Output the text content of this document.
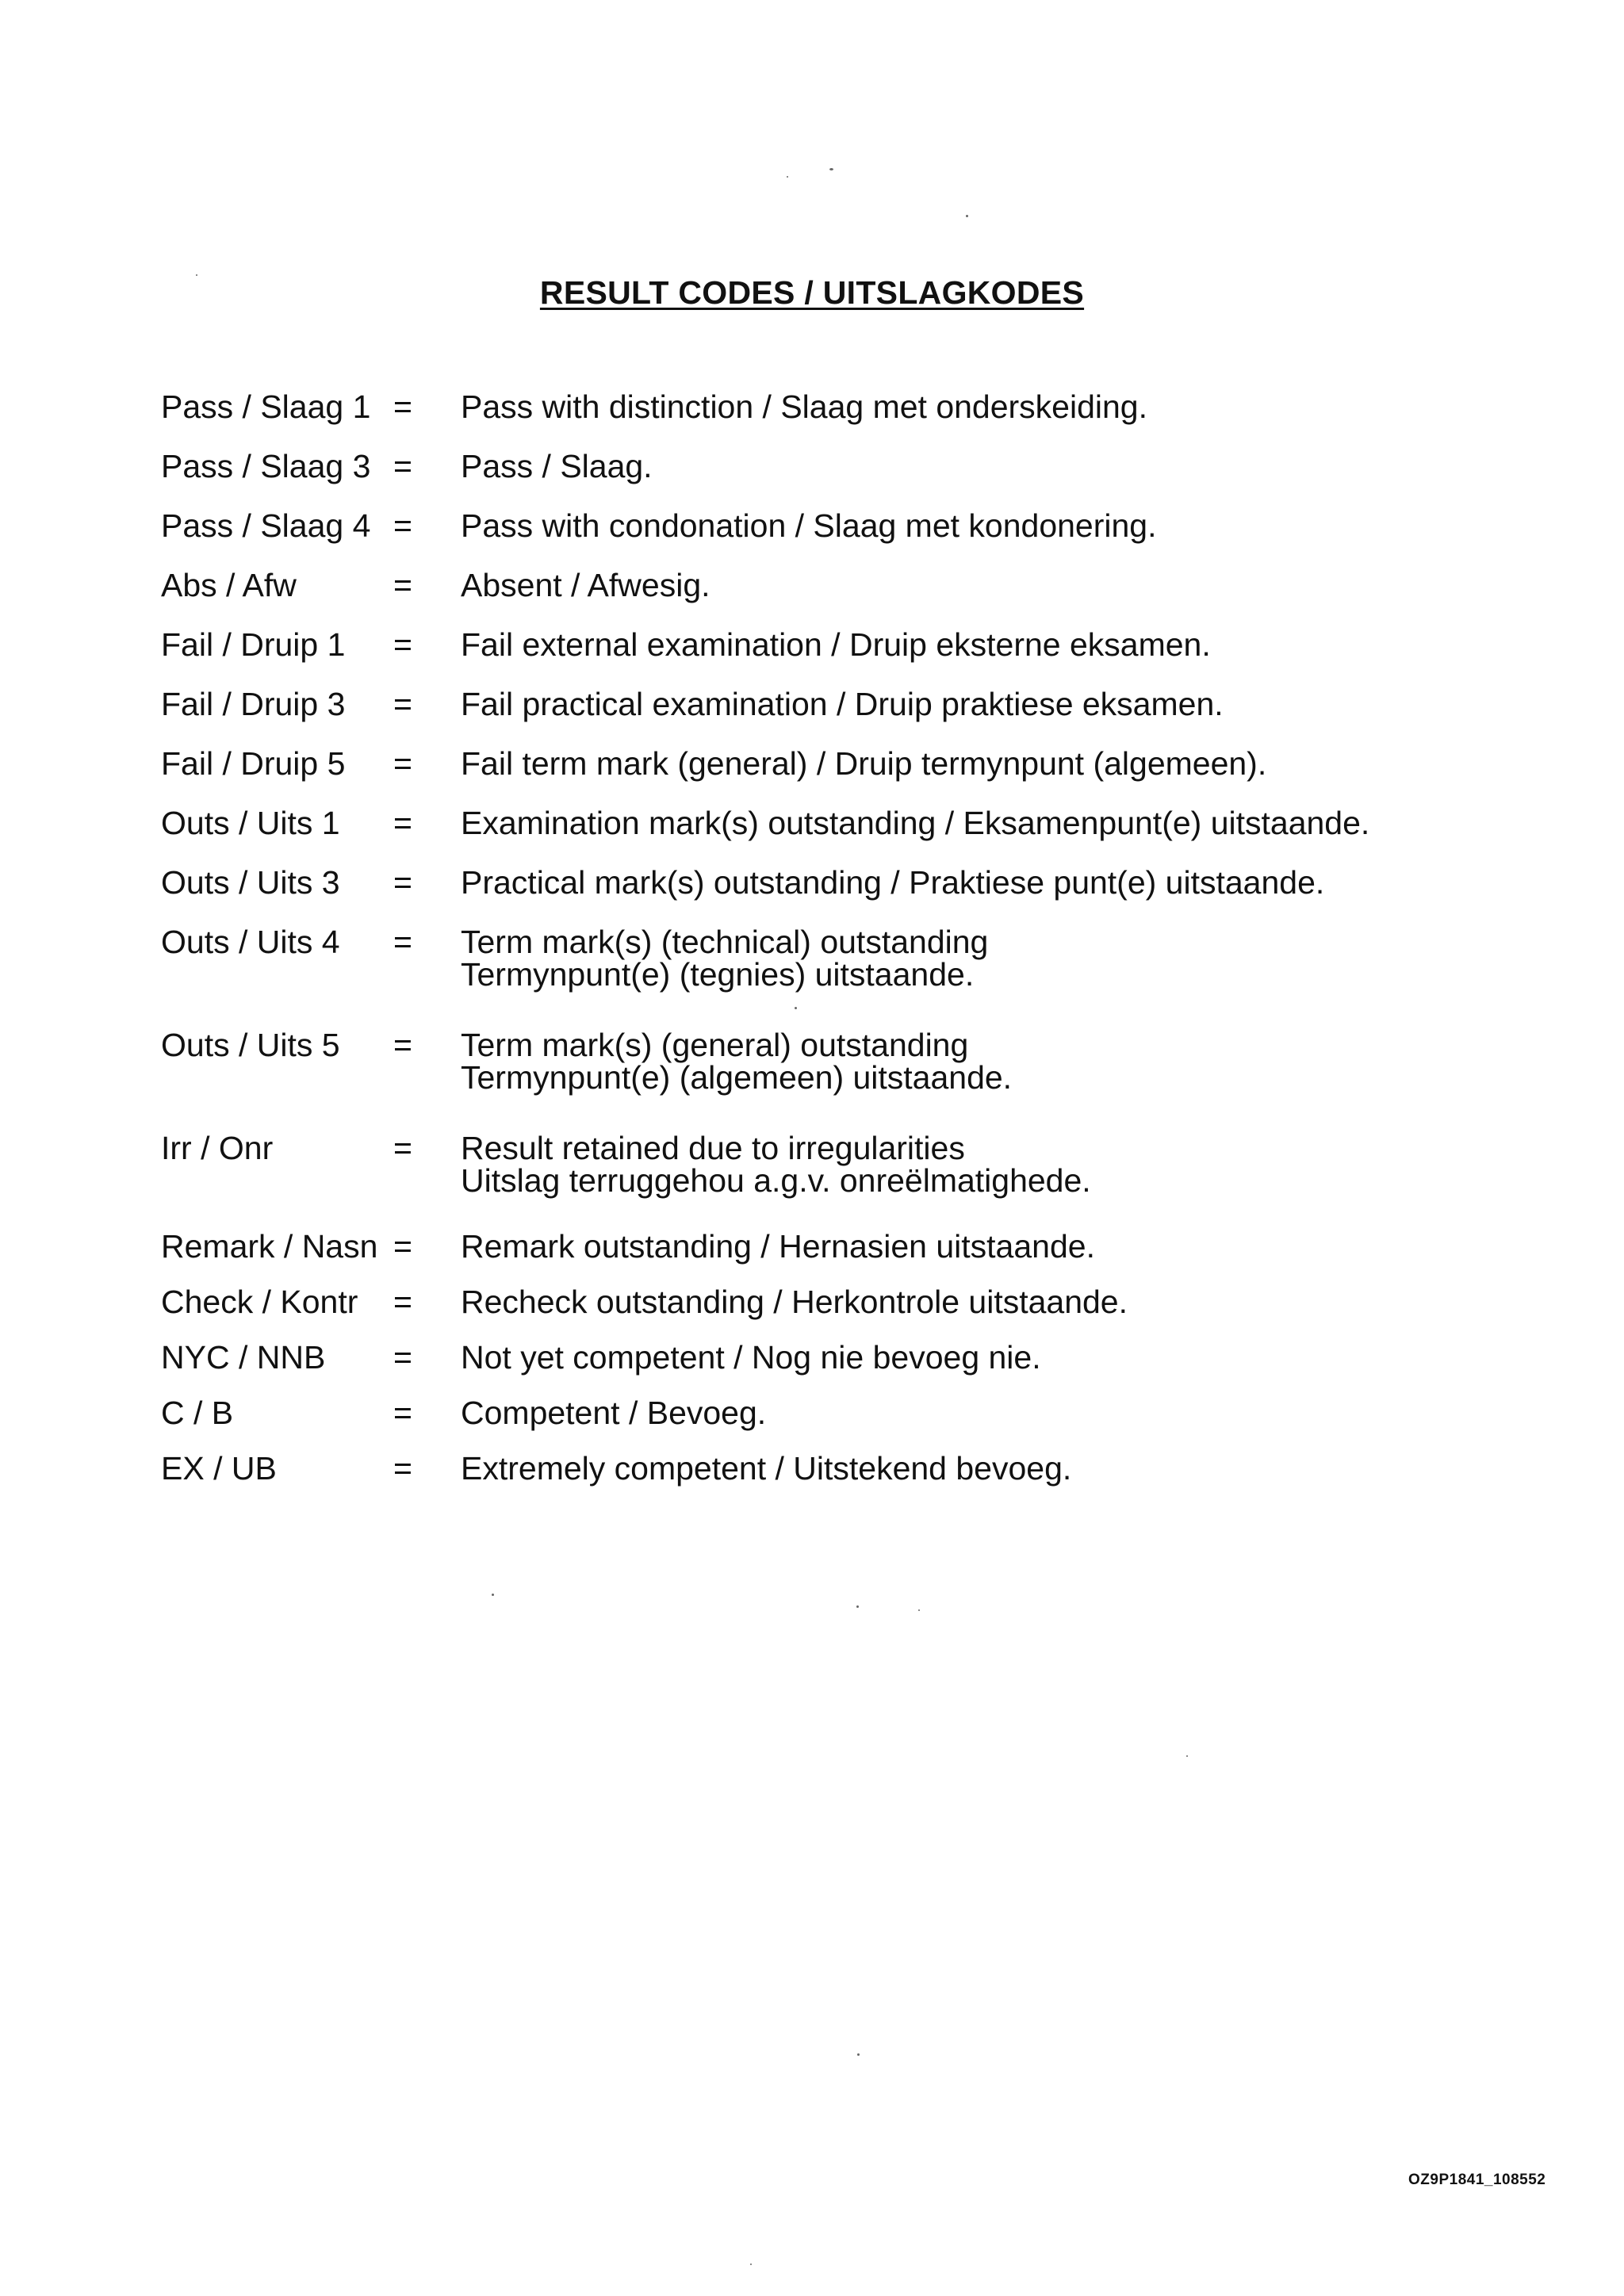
RESULT CODES / UITSLAGKODES
Pass / Slaag 1 = Pass with distinction / Slaag met onderskeiding.
Pass / Slaag 3 = Pass / Slaag.
Pass / Slaag 4 = Pass with condonation / Slaag met kondonering.
Abs / Afw	= Absent / Afwesig.
Fail / Druip 1 = Fail external examination / Druip eksterne eksamen.
Fail / Druip 3 = Fail practical examination / Druip praktiese eksamen.
Fail / Druip 5 = Fail term mark (general) / Druip termynpunt (algemeen).
Outs / Uits 1 = Examination mark(s) outstanding / Eksamenpunt(e) uitstaande.
Outs / Uits 3 = Practical mark(s) outstanding / Praktiese punt(e) uitstaande.
Outs / Uits 4 = Term mark(s) (technical) outstanding
Termynpunt(e) (tegnies) uitstaande.
Outs / Uits 5 = Term mark(s) (general) outstanding
Termynpunt(e) (algemeen) uitstaande.
Irr / Onr	= Result retained due to irregularities
Uitslag terruggehou a.g.v. onreëlmatighede.
Remark / Nasn = Remark outstanding / Hernasien uitstaande.
Check / Kontr = Recheck outstanding / Herkontrole uitstaande.
NYC / NNB = Not yet competent / Nog nie bevoeg nie.
C / B	= Competent / Bevoeg.
EX / UB	= Extremely competent / Uitstekend bevoeg.
OZ9P1841_108552
